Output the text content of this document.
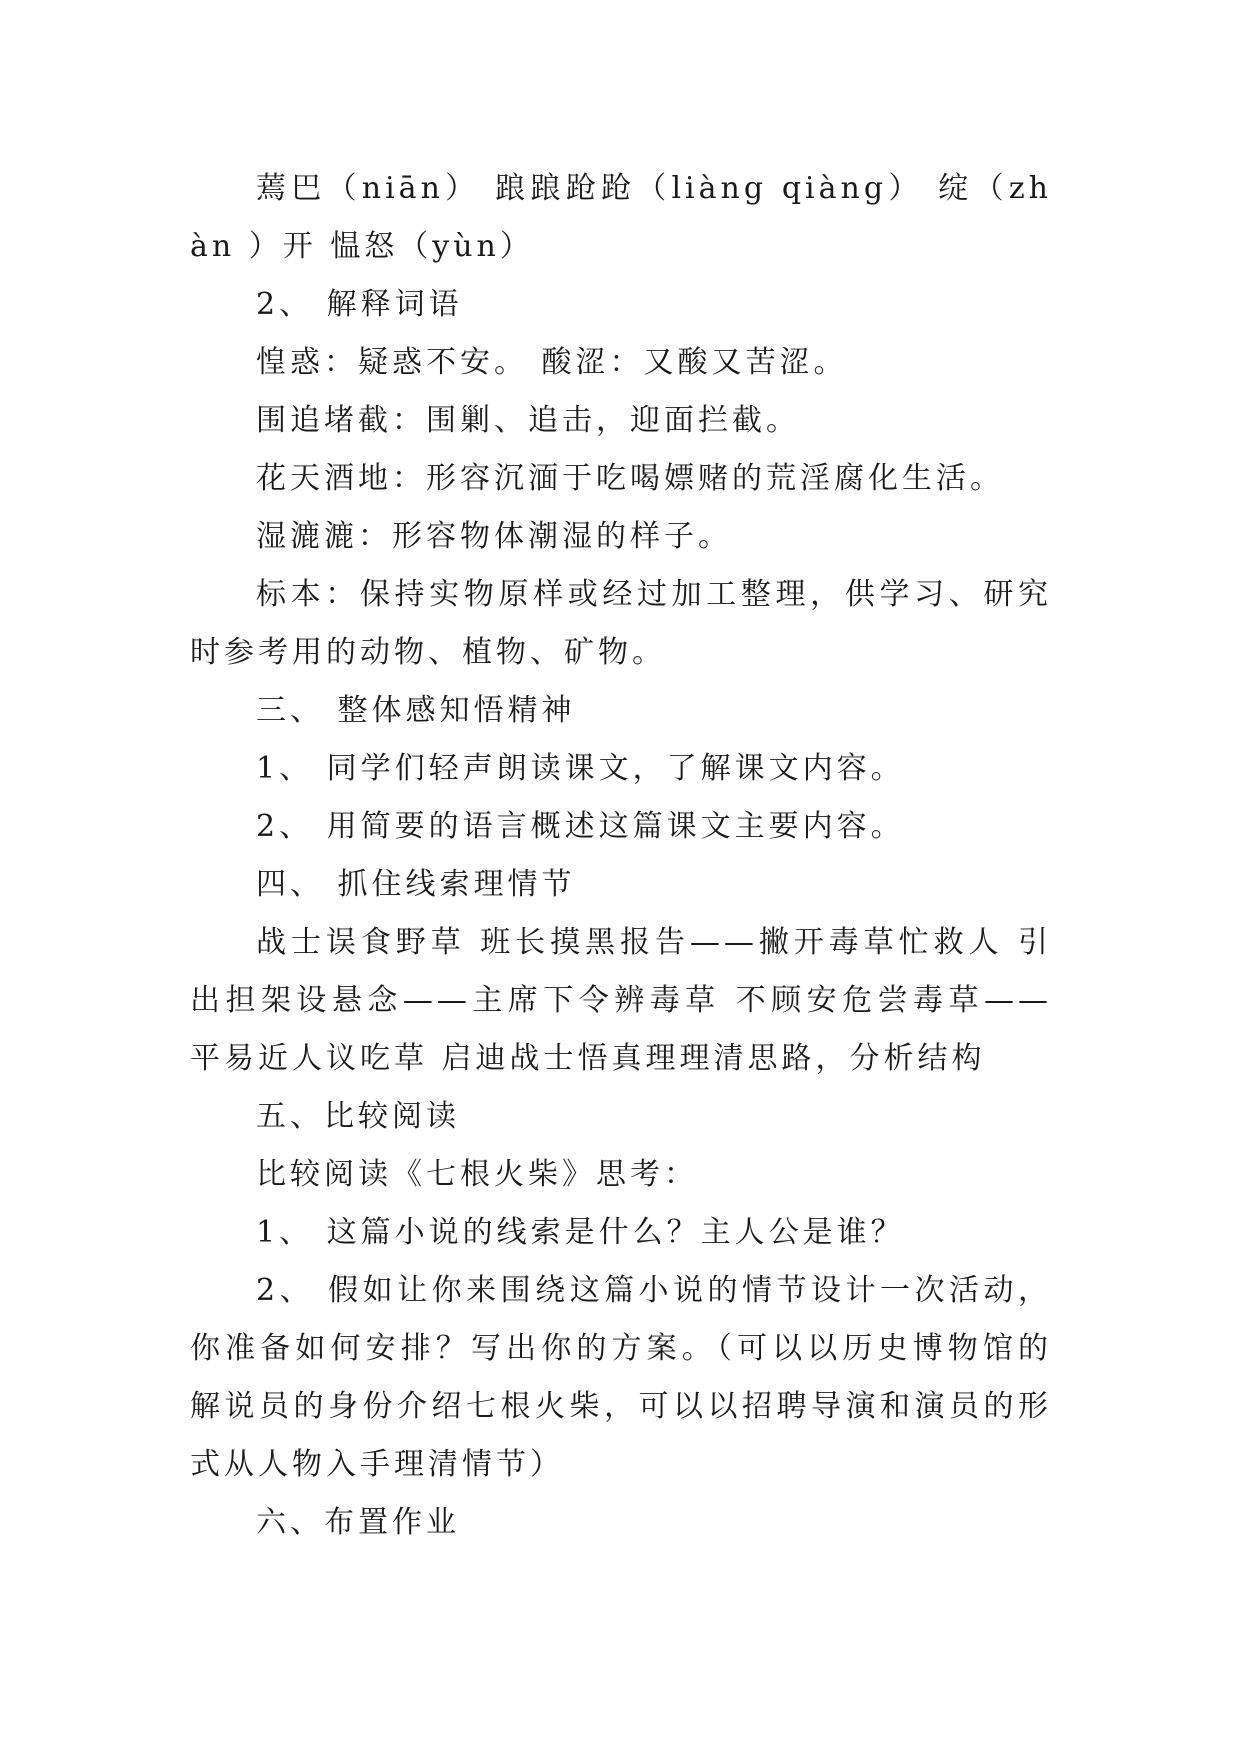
蔫巴（niān） 踉踉跄跄（liàng qiàng） 绽（zhàn ）开 愠怒（yùn）

2、 解释词语

惶惑：疑惑不安。 酸涩：又酸又苦涩。

围追堵截：围剿、追击，迎面拦截。

花天酒地：形容沉湎于吃喝嫖赌的荒淫腐化生活。

湿漉漉：形容物体潮湿的样子。

标本：保持实物原样或经过加工整理，供学习、研究时参考用的动物、植物、矿物。

三、 整体感知悟精神

1、 同学们轻声朗读课文，了解课文内容。

2、 用简要的语言概述这篇课文主要内容。

四、 抓住线索理情节

战士误食野草 班长摸黑报告——撇开毒草忙救人 引出担架设悬念——主席下令辨毒草 不顾安危尝毒草——平易近人议吃草 启迪战士悟真理理清思路，分析结构

五、比较阅读

比较阅读《七根火柴》思考：

1、 这篇小说的线索是什么？主人公是谁？

2、 假如让你来围绕这篇小说的情节设计一次活动，你准备如何安排？写出你的方案。（可以以历史博物馆的解说员的身份介绍七根火柴，可以以招聘导演和演员的形式从人物入手理清情节）

六、布置作业
